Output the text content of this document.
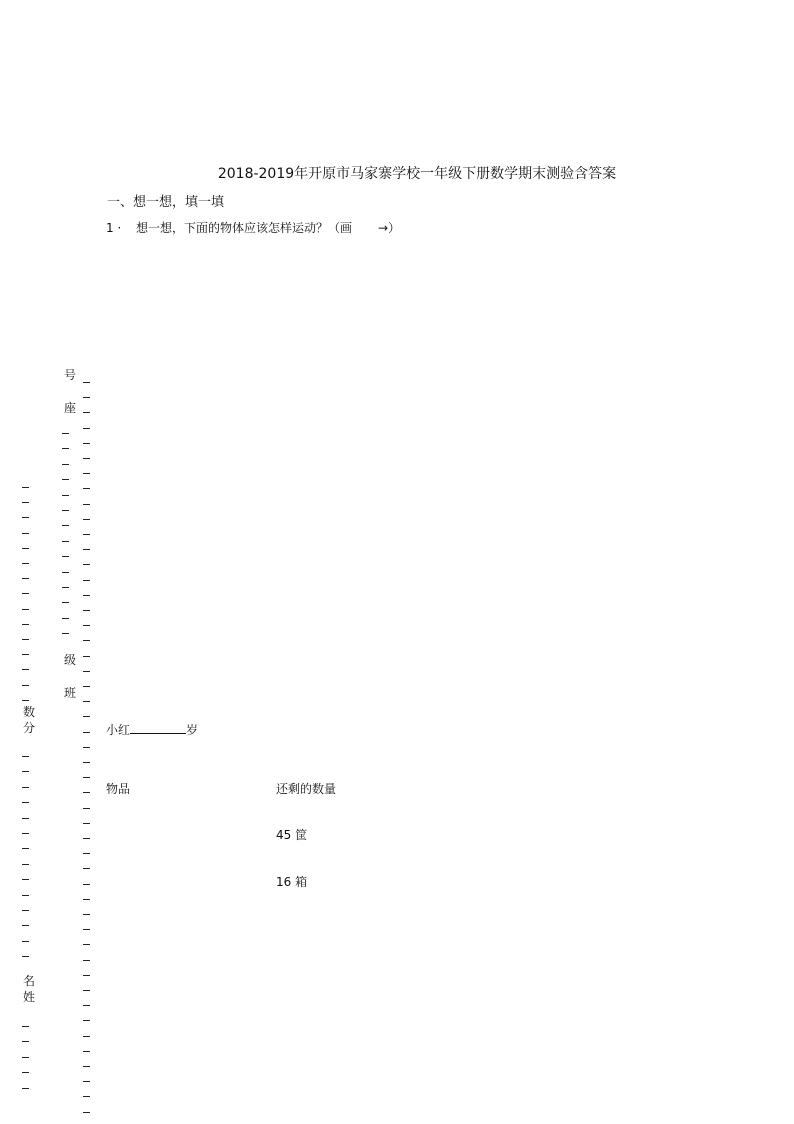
2018-2019年开原市马家寨学校一年级下册数学期末测验含答案
一、想一想，填一填
1 · 想一想，下面的物体应该怎样运动？（画 →）
号
座
级
班
数
分
名
姓
小红	岁
物品	还剩的数量
45 筐
16 箱
